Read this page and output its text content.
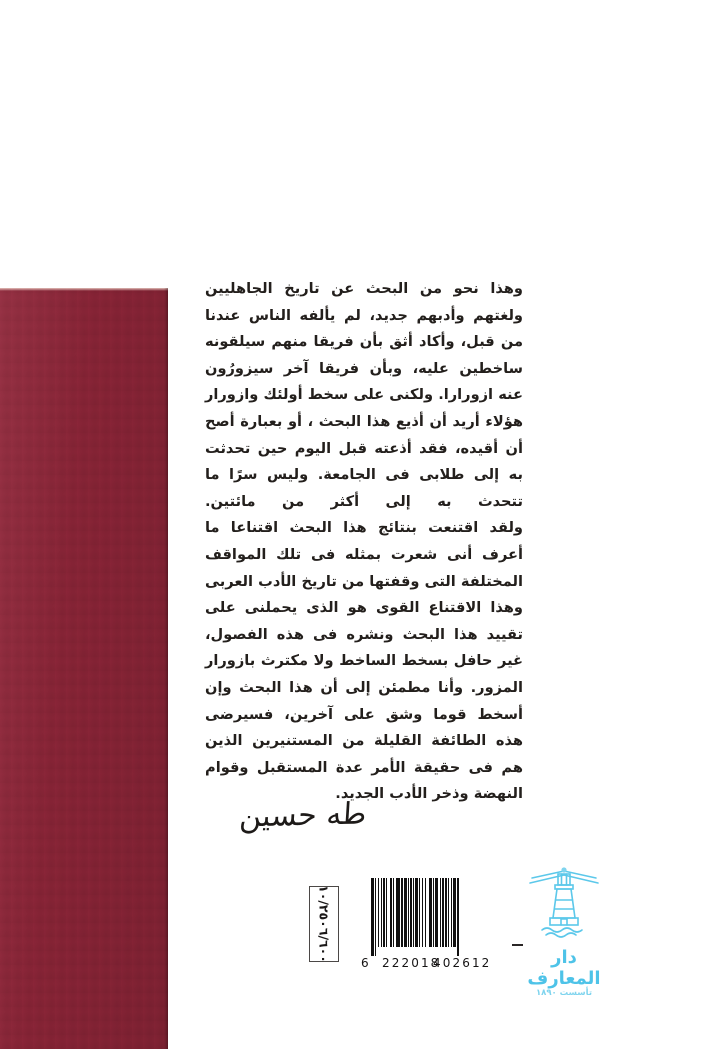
وهذا نحو من البحث عن تاريخ الجاهليين ولغتهم وأدبهم جديد، لم يألفه الناس عندنا من قبل، وأكاد أثق بأن فريقا منهم سيلقونه ساخطين عليه، وبأن فريقا آخر سيزورُون عنه ازورارا. ولكنى على سخط أولئك وازورار هؤلاء أريد أن أذيع هذا البحث ، أو بعبارة أصح أن أقيده، فقد أذعته قبل اليوم حين تحدثت به إلى طلابى فى الجامعة. وليس سرًا ما تتحدث به إلى أكثر من مائتين.

ولقد اقتنعت بنتائج هذا البحث اقتناعا ما أعرف أنى شعرت بمثله فى تلك المواقف المختلفة التى وقفتها من تاريخ الأدب العربى وهذا الاقتناع القوى هو الذى يحملنى على تقييد هذا البحث ونشره فى هذه الفصول، غير حافل بسخط الساخط ولا مكترث بازورار المزور. وأنا مطمئن إلى أن هذا البحث وإن أسخط قوما وشق على آخرين، فسيرضى هذه الطائفة القليلة من المستنيرين الذين هم فى حقيقة الأمر عدة المستقبل وقوام النهضة وذخر الأدب الجديد.

طه حسين
١٠/٢٥٠٦/٦٠٠
6 222018
402612	دار المعارف
تأسست ١٨٩٠
